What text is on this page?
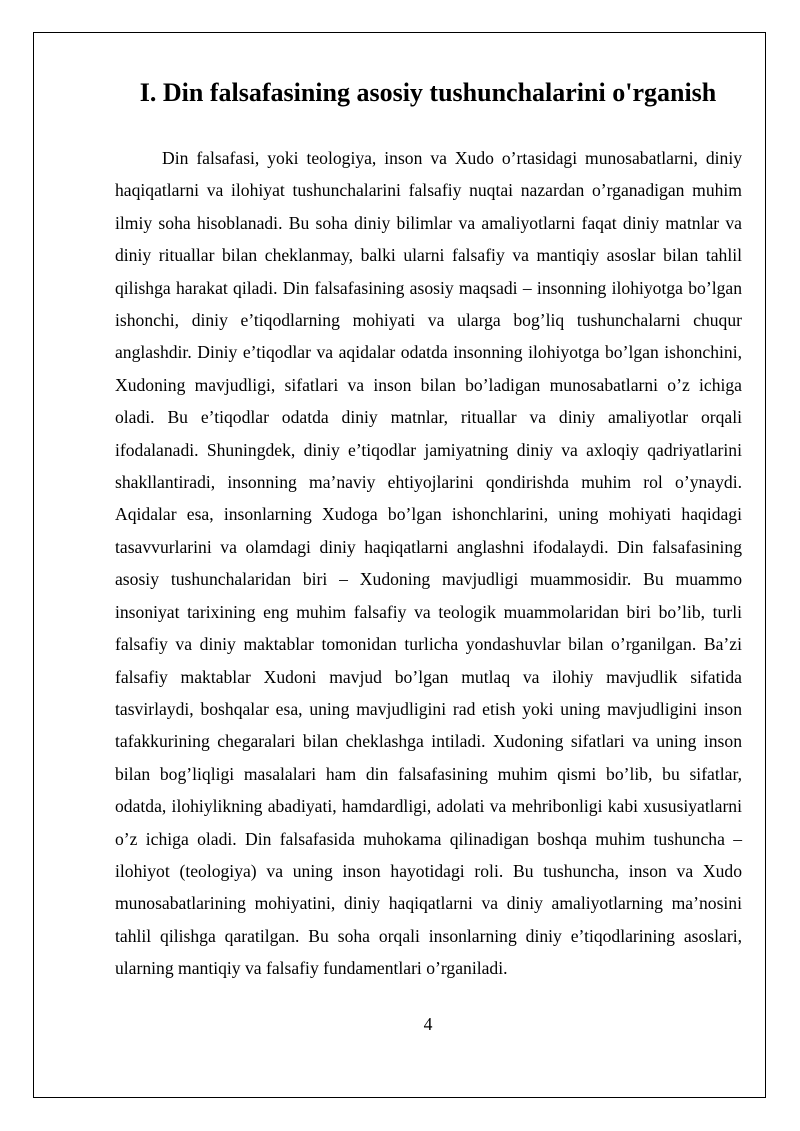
I. Din falsafasining asosiy tushunchalarini o'rganish

Din falsafasi, yoki teologiya, inson va Xudo o’rtasidagi munosabatlarni, diniy haqiqatlarni va ilohiyat tushunchalarini falsafiy nuqtai nazardan o’rganadigan muhim ilmiy soha hisoblanadi. Bu soha diniy bilimlar va amaliyotlarni faqat diniy matnlar va diniy rituallar bilan cheklanmay, balki ularni falsafiy va mantiqiy asoslar bilan tahlil qilishga harakat qiladi. Din falsafasining asosiy maqsadi – insonning ilohiyotga bo’lgan ishonchi, diniy e’tiqodlarning mohiyati va ularga bog’liq tushunchalarni chuqur anglashdir. Diniy e’tiqodlar va aqidalar odatda insonning ilohiyotga bo’lgan ishonchini, Xudoning mavjudligi, sifatlari va inson bilan bo’ladigan munosabatlarni o’z ichiga oladi. Bu e’tiqodlar odatda diniy matnlar, rituallar va diniy amaliyotlar orqali ifodalanadi. Shuningdek, diniy e’tiqodlar jamiyatning diniy va axloqiy qadriyatlarini shakllantiradi, insonning ma’naviy ehtiyojlarini qondirishda muhim rol o’ynaydi. Aqidalar esa, insonlarning Xudoga bo’lgan ishonchlarini, uning mohiyati haqidagi tasavvurlarini va olamdagi diniy haqiqatlarni anglashni ifodalaydi. Din falsafasining asosiy tushunchalaridan biri – Xudoning mavjudligi muammosidir. Bu muammo insoniyat tarixining eng muhim falsafiy va teologik muammolaridan biri bo’lib, turli falsafiy va diniy maktablar tomonidan turlicha yondashuvlar bilan o’rganilgan. Ba’zi falsafiy maktablar Xudoni mavjud bo’lgan mutlaq va ilohiy mavjudlik sifatida tasvirlaydi, boshqalar esa, uning mavjudligini rad etish yoki uning mavjudligini inson tafakkurining chegaralari bilan cheklashga intiladi. Xudoning sifatlari va uning inson bilan bog’liqligi masalalari ham din falsafasining muhim qismi bo’lib, bu sifatlar, odatda, ilohiylikning abadiyati, hamdardligi, adolati va mehribonligi kabi xususiyatlarni o’z ichiga oladi. Din falsafasida muhokama qilinadigan boshqa muhim tushuncha – ilohiyot (teologiya) va uning inson hayotidagi roli. Bu tushuncha, inson va Xudo munosabatlarining mohiyatini, diniy haqiqatlarni va diniy amaliyotlarning ma’nosini tahlil qilishga qaratilgan. Bu soha orqali insonlarning diniy e’tiqodlarining asoslari, ularning mantiqiy va falsafiy fundamentlari o’rganiladi.

4
